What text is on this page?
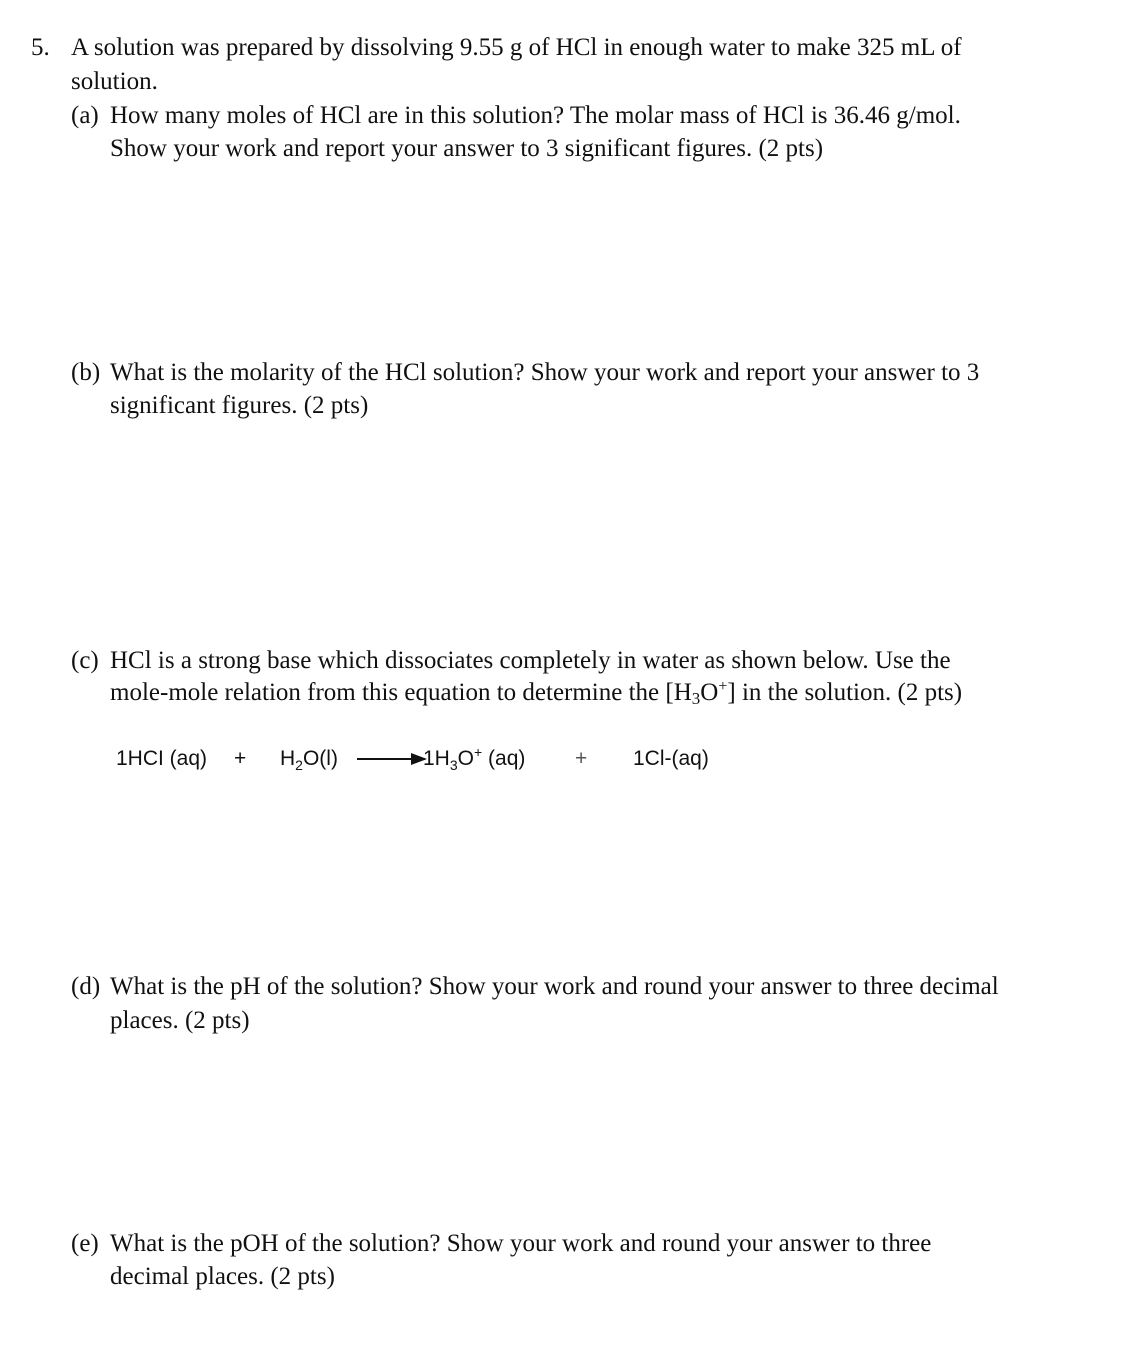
5. A solution was prepared by dissolving 9.55 g of HCl in enough water to make 325 mL of
solution.
(a) How many moles of HCl are in this solution? The molar mass of HCl is 36.46 g/mol.
Show your work and report your answer to 3 significant figures. (2 pts)
(b) What is the molarity of the HCl solution? Show your work and report your answer to 3
significant figures. (2 pts)
(c) HCl is a strong base which dissociates completely in water as shown below. Use the
mole-mole relation from this equation to determine the [H3O+] in the solution. (2 pts)
1HCI $(aq) + H_2O(l)$	$1H_3O^+$ (aq) + 1Cl-(aq)
(d) What is the pH of the solution? Show your work and round your answer to three decimal
places. (2 pts)
(e) What is the pOH of the solution? Show your work and round your answer to three
decimal places. (2 pts)
